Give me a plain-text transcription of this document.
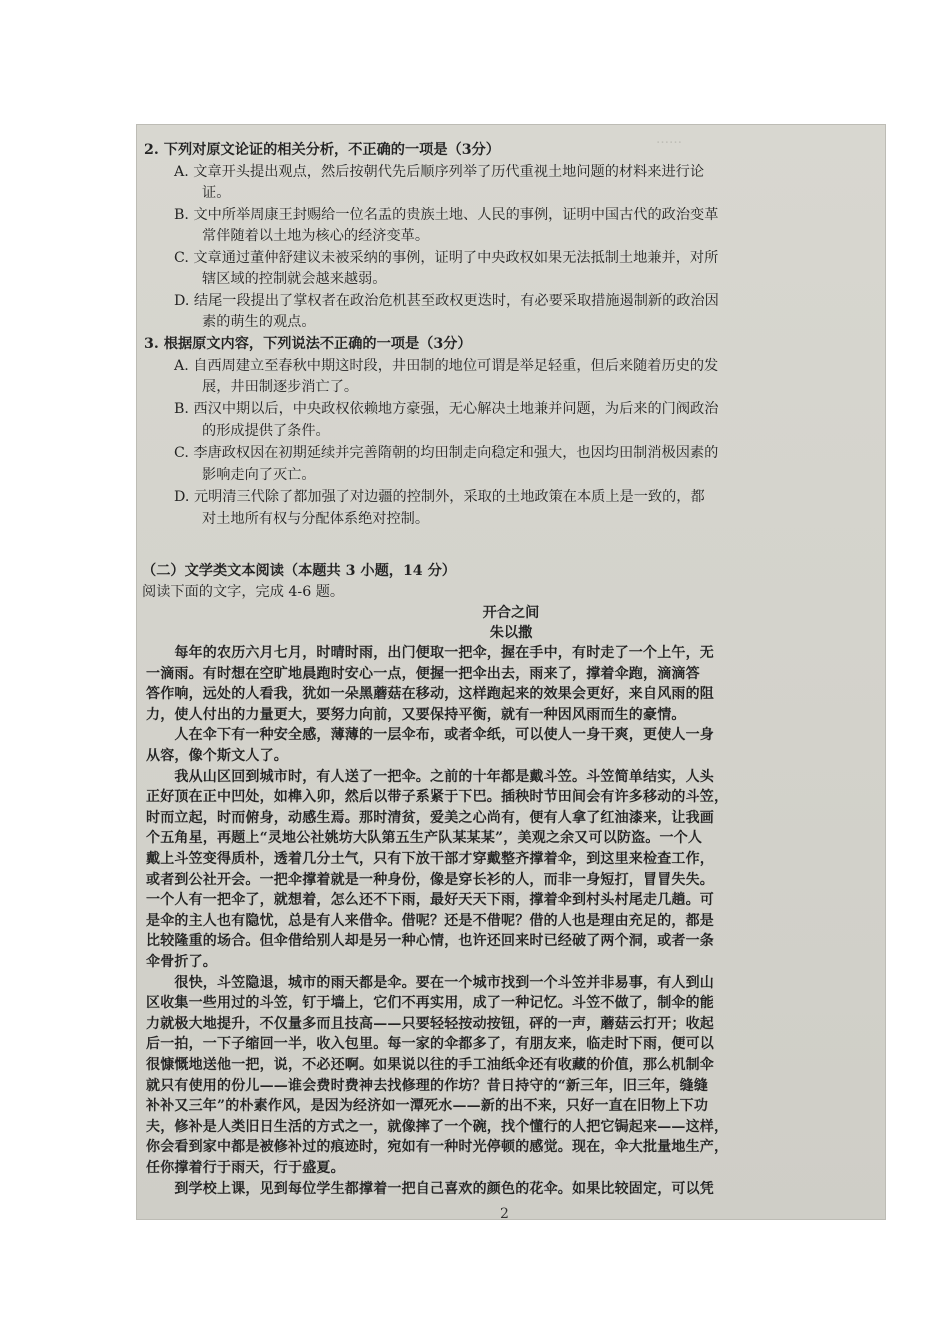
……
2. 下列对原文论证的相关分析，不正确的一项是（3分）
A. 文章开头提出观点，然后按朝代先后顺序列举了历代重视土地问题的材料来进行论
证。
B. 文中所举周康王封赐给一位名盂的贵族土地、人民的事例，证明中国古代的政治变革
常伴随着以土地为核心的经济变革。
C. 文章通过董仲舒建议未被采纳的事例，证明了中央政权如果无法抵制土地兼并，对所
辖区域的控制就会越来越弱。
D. 结尾一段提出了掌权者在政治危机甚至政权更迭时，有必要采取措施遏制新的政治因
素的萌生的观点。
3. 根据原文内容，下列说法不正确的一项是（3分）
A. 自西周建立至春秋中期这时段，井田制的地位可谓是举足轻重，但后来随着历史的发
展，井田制逐步消亡了。
B. 西汉中期以后，中央政权依赖地方豪强，无心解决土地兼并问题，为后来的门阀政治
的形成提供了条件。
C. 李唐政权因在初期延续并完善隋朝的均田制走向稳定和强大，也因均田制消极因素的
影响走向了灭亡。
D. 元明清三代除了都加强了对边疆的控制外，采取的土地政策在本质上是一致的，都
对土地所有权与分配体系绝对控制。
（二）文学类文本阅读（本题共 3 小题，14 分）
阅读下面的文字，完成 4-6 题。
开合之间
朱以撒
　　每年的农历六月七月，时晴时雨，出门便取一把伞，握在手中，有时走了一个上午，无
一滴雨。有时想在空旷地晨跑时安心一点，便握一把伞出去，雨来了，撑着伞跑，滴滴答
答作响，远处的人看我，犹如一朵黑蘑菇在移动，这样跑起来的效果会更好，来自风雨的阻
力，使人付出的力量更大，要努力向前，又要保持平衡，就有一种因风雨而生的豪情。
　　人在伞下有一种安全感，薄薄的一层伞布，或者伞纸，可以使人一身干爽，更使人一身
从容，像个斯文人了。
　　我从山区回到城市时，有人送了一把伞。之前的十年都是戴斗笠。斗笠简单结实，人头
正好顶在正中凹处，如榫入卯，然后以带子系紧于下巴。插秧时节田间会有许多移动的斗笠，
时而立起，时而俯身，动感生焉。那时清贫，爱美之心尚有，便有人拿了红油漆来，让我画
个五角星，再题上“灵地公社姚坊大队第五生产队某某某”，美观之余又可以防盗。一个人
戴上斗笠变得质朴，透着几分土气，只有下放干部才穿戴整齐撑着伞，到这里来检查工作，
或者到公社开会。一把伞撑着就是一种身份，像是穿长衫的人，而非一身短打，冒冒失失。
一个人有一把伞了，就想着，怎么还不下雨，最好天天下雨，撑着伞到村头村尾走几趟。可
是伞的主人也有隐忧，总是有人来借伞。借呢？还是不借呢？借的人也是理由充足的，都是
比较隆重的场合。但伞借给别人却是另一种心情，也许还回来时已经破了两个洞，或者一条
伞骨折了。
　　很快，斗笠隐退，城市的雨天都是伞。要在一个城市找到一个斗笠并非易事，有人到山
区收集一些用过的斗笠，钉于墙上，它们不再实用，成了一种记忆。斗笠不做了，制伞的能
力就极大地提升，不仅量多而且技高——只要轻轻按动按钮，砰的一声，蘑菇云打开；收起
后一拍，一下子缩回一半，收入包里。每一家的伞都多了，有朋友来，临走时下雨，便可以
很慷慨地送他一把，说，不必还啊。如果说以往的手工油纸伞还有收藏的价值，那么机制伞
就只有使用的份儿——谁会费时费神去找修理的作坊？昔日持守的“新三年，旧三年，缝缝
补补又三年”的朴素作风，是因为经济如一潭死水——新的出不来，只好一直在旧物上下功
夫，修补是人类旧日生活的方式之一，就像摔了一个碗，找个懂行的人把它锔起来——这样，
你会看到家中都是被修补过的痕迹时，宛如有一种时光停顿的感觉。现在，伞大批量地生产，
任你撑着行于雨天，行于盛夏。
　　到学校上课，见到每位学生都撑着一把自己喜欢的颜色的花伞。如果比较固定，可以凭
2
